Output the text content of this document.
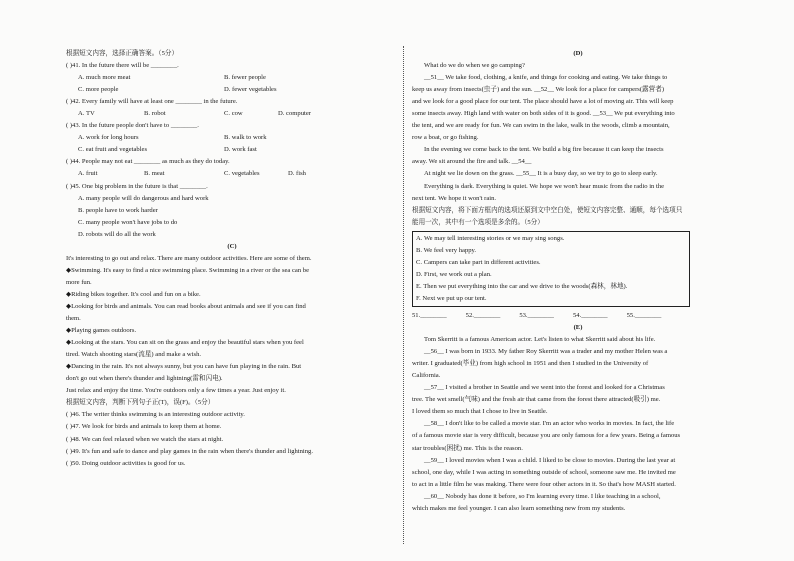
根据短文内容，选择正确答案。（5分）
( )41. In the future there will be ________.
A. much more meat	B. fewer people
C. more people	D. fewer vegetables
( )42. Every family will have at least one ________ in the future.
A. TV	B. robot	C. cow	D. computer
( )43. In the future people don't have to ________.
A. work for long hours	B. walk to work
C. eat fruit and vegetables	D. work fast
( )44. People may not eat ________ as much as they do today.
A. fruit	B. meat	C. vegetables	D. fish
( )45. One big problem in the future is that ________.
A. many people will do dangerous and hard work
B. people have to work harder
C. many people won't have jobs to do
D. robots will do all the work
(C)
It's interesting to go out and relax. There are many outdoor activities. Here are some of them.
◆Swimming. It's easy to find a nice swimming place. Swimming in a river or the sea can be
more fun.
◆Riding bikes together. It's cool and fun on a bike.
◆Looking for birds and animals. You can read books about animals and see if you can find
them.
◆Playing games outdoors.
◆Looking at the stars. You can sit on the grass and enjoy the beautiful stars when you feel
tired. Watch shooting stars(流星) and make a wish.
◆Dancing in the rain. It's not always sunny, but you can have fun playing in the rain. But
don't go out when there's thunder and lightning(雷和闪电).
Just relax and enjoy the time. You're outdoors only a few times a year. Just enjoy it.
根据短文内容，判断下列句子正(T)，误(F)。（5分）
( )46. The writer thinks swimming is an interesting outdoor activity.
( )47. We look for birds and animals to keep them at home.
( )48. We can feel relaxed when we watch the stars at night.
( )49. It's fun and safe to dance and play games in the rain when there's thunder and lightning.
( )50. Doing outdoor activities is good for us.
(D)
What do we do when we go camping?
__51__ We take food, clothing, a knife, and things for cooking and eating. We take things to
keep us away from insects(虫子) and the sun. __52__ We look for a place for campers(露营者)
and we look for a good place for our tent. The place should have a lot of moving air. This will keep
some insects away. High land with water on both sides of it is good. __53__ We put everything into
the tent, and we are ready for fun. We can swim in the lake, walk in the woods, climb a mountain,
row a boat, or go fishing.
In the evening we come back to the tent. We build a big fire because it can keep the insects
away. We sit around the fire and talk. __54__
At night we lie down on the grass. __55__ It is a busy day, so we try to go to sleep early.
Everything is dark. Everything is quiet. We hope we won't hear music from the radio in the
next tent. We hope it won't rain.
根据短文内容，将下面方框内的选项还原到文中空白处，使短文内容完整、通顺，每个选项只
能用一次，其中有一个选项是多余的。（5分）
A. We may tell interesting stories or we may sing songs.
B. We feel very happy.
C. Campers can take part in different activities.
D. First, we work out a plan.
E. Then we put everything into the car and we drive to the woods(森林，林地).
F. Next we put up our tent.
51.________	52.________	53.________	54.________	55.________
(E)
Tom Skerritt is a famous American actor. Let's listen to what Skerritt said about his life.
__56__ I was born in 1933. My father Roy Skerritt was a trader and my mother Helen was a
writer. I graduated(毕业) from high school in 1951 and then I studied in the University of
California.
__57__ I visited a brother in Seattle and we went into the forest and looked for a Christmas
tree. The wet smell(气味) and the fresh air that came from the forest there attracted(吸引) me.
I loved them so much that I chose to live in Seattle.
__58__ I don't like to be called a movie star. I'm an actor who works in movies. In fact, the life
of a famous movie star is very difficult, because you are only famous for a few years. Being a famous
star troubles(困扰) me. This is the reason.
__59__ I loved movies when I was a child. I liked to be close to movies. During the last year at
school, one day, while I was acting in something outside of school, someone saw me. He invited me
to act in a little film he was making. There were four other actors in it. So that's how MASH started.
__60__ Nobody has done it before, so I'm learning every time. I like teaching in a school,
which makes me feel younger. I can also learn something new from my students.
